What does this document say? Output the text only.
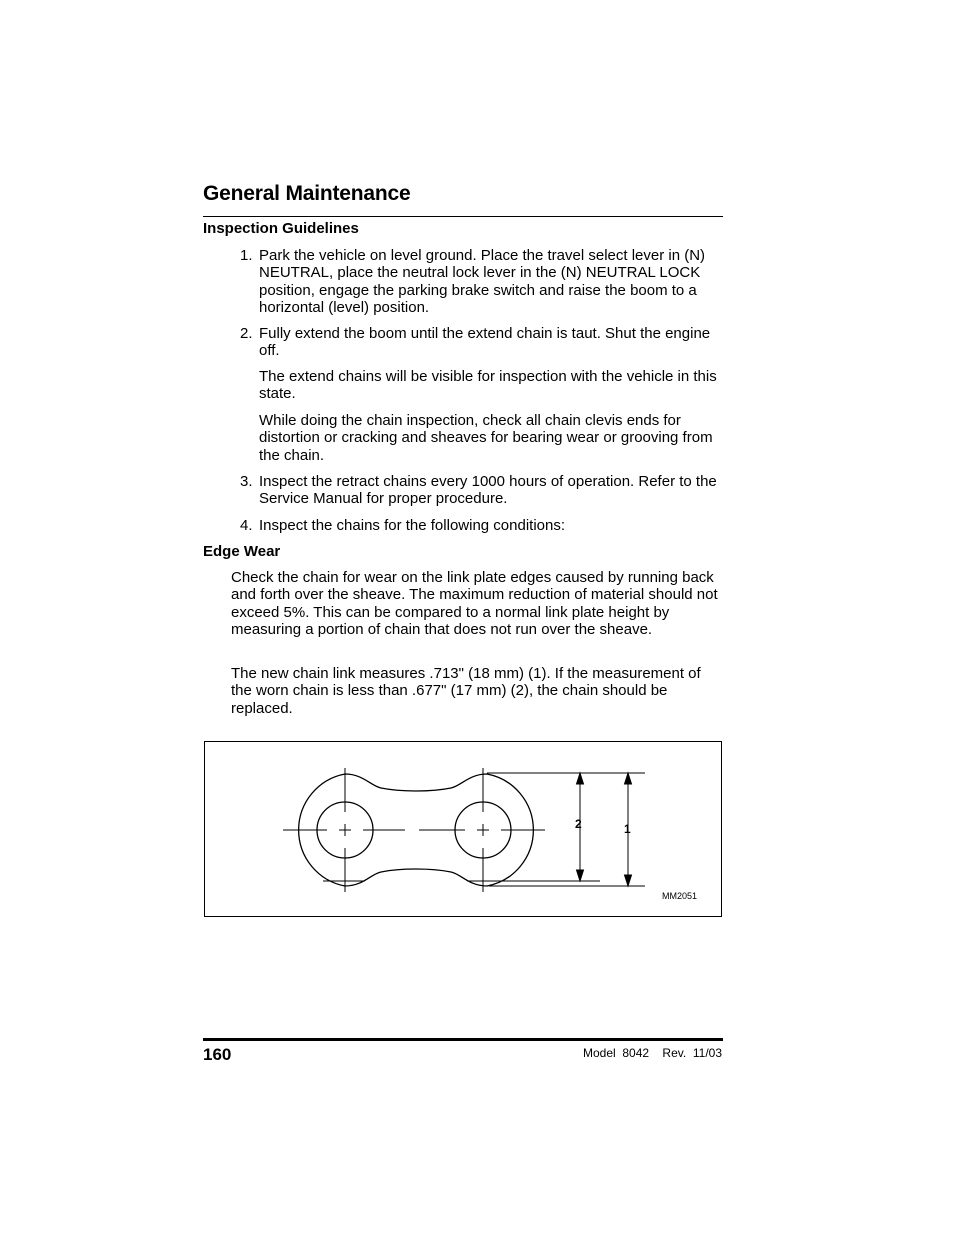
General Maintenance
Inspection Guidelines
1. Park the vehicle on level ground. Place the travel select lever in (N) NEUTRAL, place the neutral lock lever in the (N) NEUTRAL LOCK position, engage the parking brake switch and raise the boom to a horizontal (level) position.
2. Fully extend the boom until the extend chain is taut. Shut the engine off.

The extend chains will be visible for inspection with the vehicle in this state.

While doing the chain inspection, check all chain clevis ends for distortion or cracking and sheaves for bearing wear or grooving from the chain.

3. Inspect the retract chains every 1000 hours of operation. Refer to the Service Manual for proper procedure.
4. Inspect the chains for the following conditions:
Edge Wear

Check the chain for wear on the link plate edges caused by running back and forth over the sheave. The maximum reduction of material should not exceed 5%. This can be compared to a normal link plate height by measuring a portion of chain that does not run over the sheave.

The new chain link measures .713" (18 mm) (1). If the measurement of the worn chain is less than .677" (17 mm) (2), the chain should be replaced.

2	1
MM2051
160	Model  8042 Rev.  11/03
